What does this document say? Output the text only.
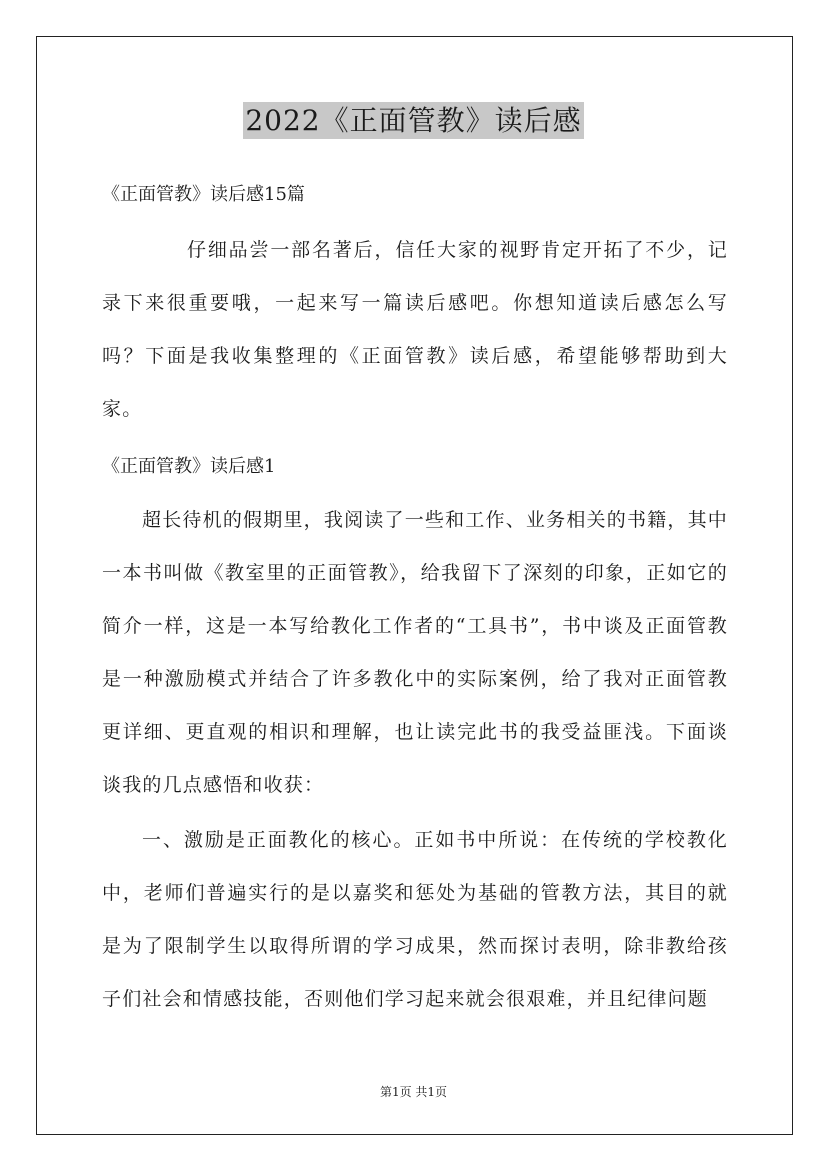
2022《正面管教》读后感
《正面管教》读后感15篇

仔细品尝一部名著后，信任大家的视野肯定开拓了不少，记录下来很重要哦，一起来写一篇读后感吧。你想知道读后感怎么写吗？下面是我收集整理的《正面管教》读后感，希望能够帮助到大家。

《正面管教》读后感1

超长待机的假期里，我阅读了一些和工作、业务相关的书籍，其中一本书叫做《教室里的正面管教》，给我留下了深刻的印象，正如它的简介一样，这是一本写给教化工作者的“工具书”，书中谈及正面管教是一种激励模式并结合了许多教化中的实际案例，给了我对正面管教更详细、更直观的相识和理解，也让读完此书的我受益匪浅。下面谈谈我的几点感悟和收获：

一、激励是正面教化的核心。正如书中所说：在传统的学校教化中，老师们普遍实行的是以嘉奖和惩处为基础的管教方法，其目的就是为了限制学生以取得所谓的学习成果，然而探讨表明，除非教给孩子们社会和情感技能，否则他们学习起来就会很艰难，并且纪律问题

第1页 共1页
